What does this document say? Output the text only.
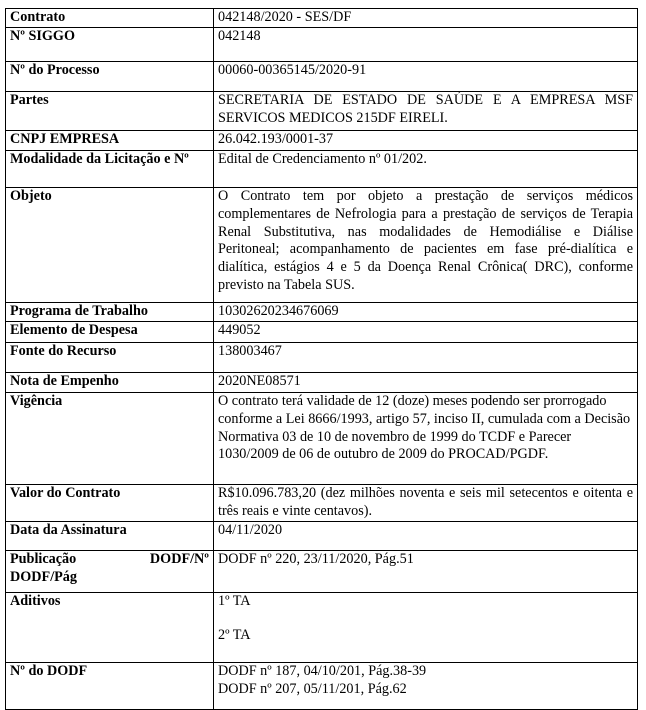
Contrato	042148/2020 - SES/DF
Nº SIGGO	042148
Nº do Processo	00060-00365145/2020-91
Partes	SECRETARIA DE ESTADO DE SAÚDE E A EMPRESA MSF SERVICOS MEDICOS 215DF EIRELI.
CNPJ EMPRESA	26.042.193/0001-37
Modalidade da Licitação e Nº	Edital de Credenciamento nº 01/202.
Objeto	O Contrato tem por objeto a prestação de serviços médicos complementares de Nefrologia para a prestação de serviços de Terapia Renal Substitutiva, nas modalidades de Hemodiálise e Diálise Peritoneal; acompanhamento de pacientes em fase pré-dialítica e dialítica, estágios 4 e 5 da Doença Renal Crônica( DRC), conforme previsto na Tabela SUS.
Programa de Trabalho	10302620234676069
Elemento de Despesa	449052
Fonte do Recurso	138003467
Nota de Empenho	2020NE08571
Vigência	O contrato terá validade de 12 (doze) meses podendo ser prorrogado conforme a Lei 8666/1993, artigo 57, inciso II, cumulada com a Decisão Normativa 03 de 10 de novembro de 1999 do TCDF e Parecer 1030/2009 de 06 de outubro de 2009 do PROCAD/PGDF.
Valor do Contrato	R$10.096.783,20 (dez milhões noventa e seis mil setecentos e oitenta e três reais e vinte centavos).
Data da Assinatura	04/11/2020

Publicação DODF/Nº
DODF/Pág	DODF nº 220, 23/11/2020, Pág.51
Aditivos	1º TA
2º TA

Nº do DODF	DODF nº 187, 04/10/201, Pág.38-39
DODF nº 207, 05/11/201, Pág.62
